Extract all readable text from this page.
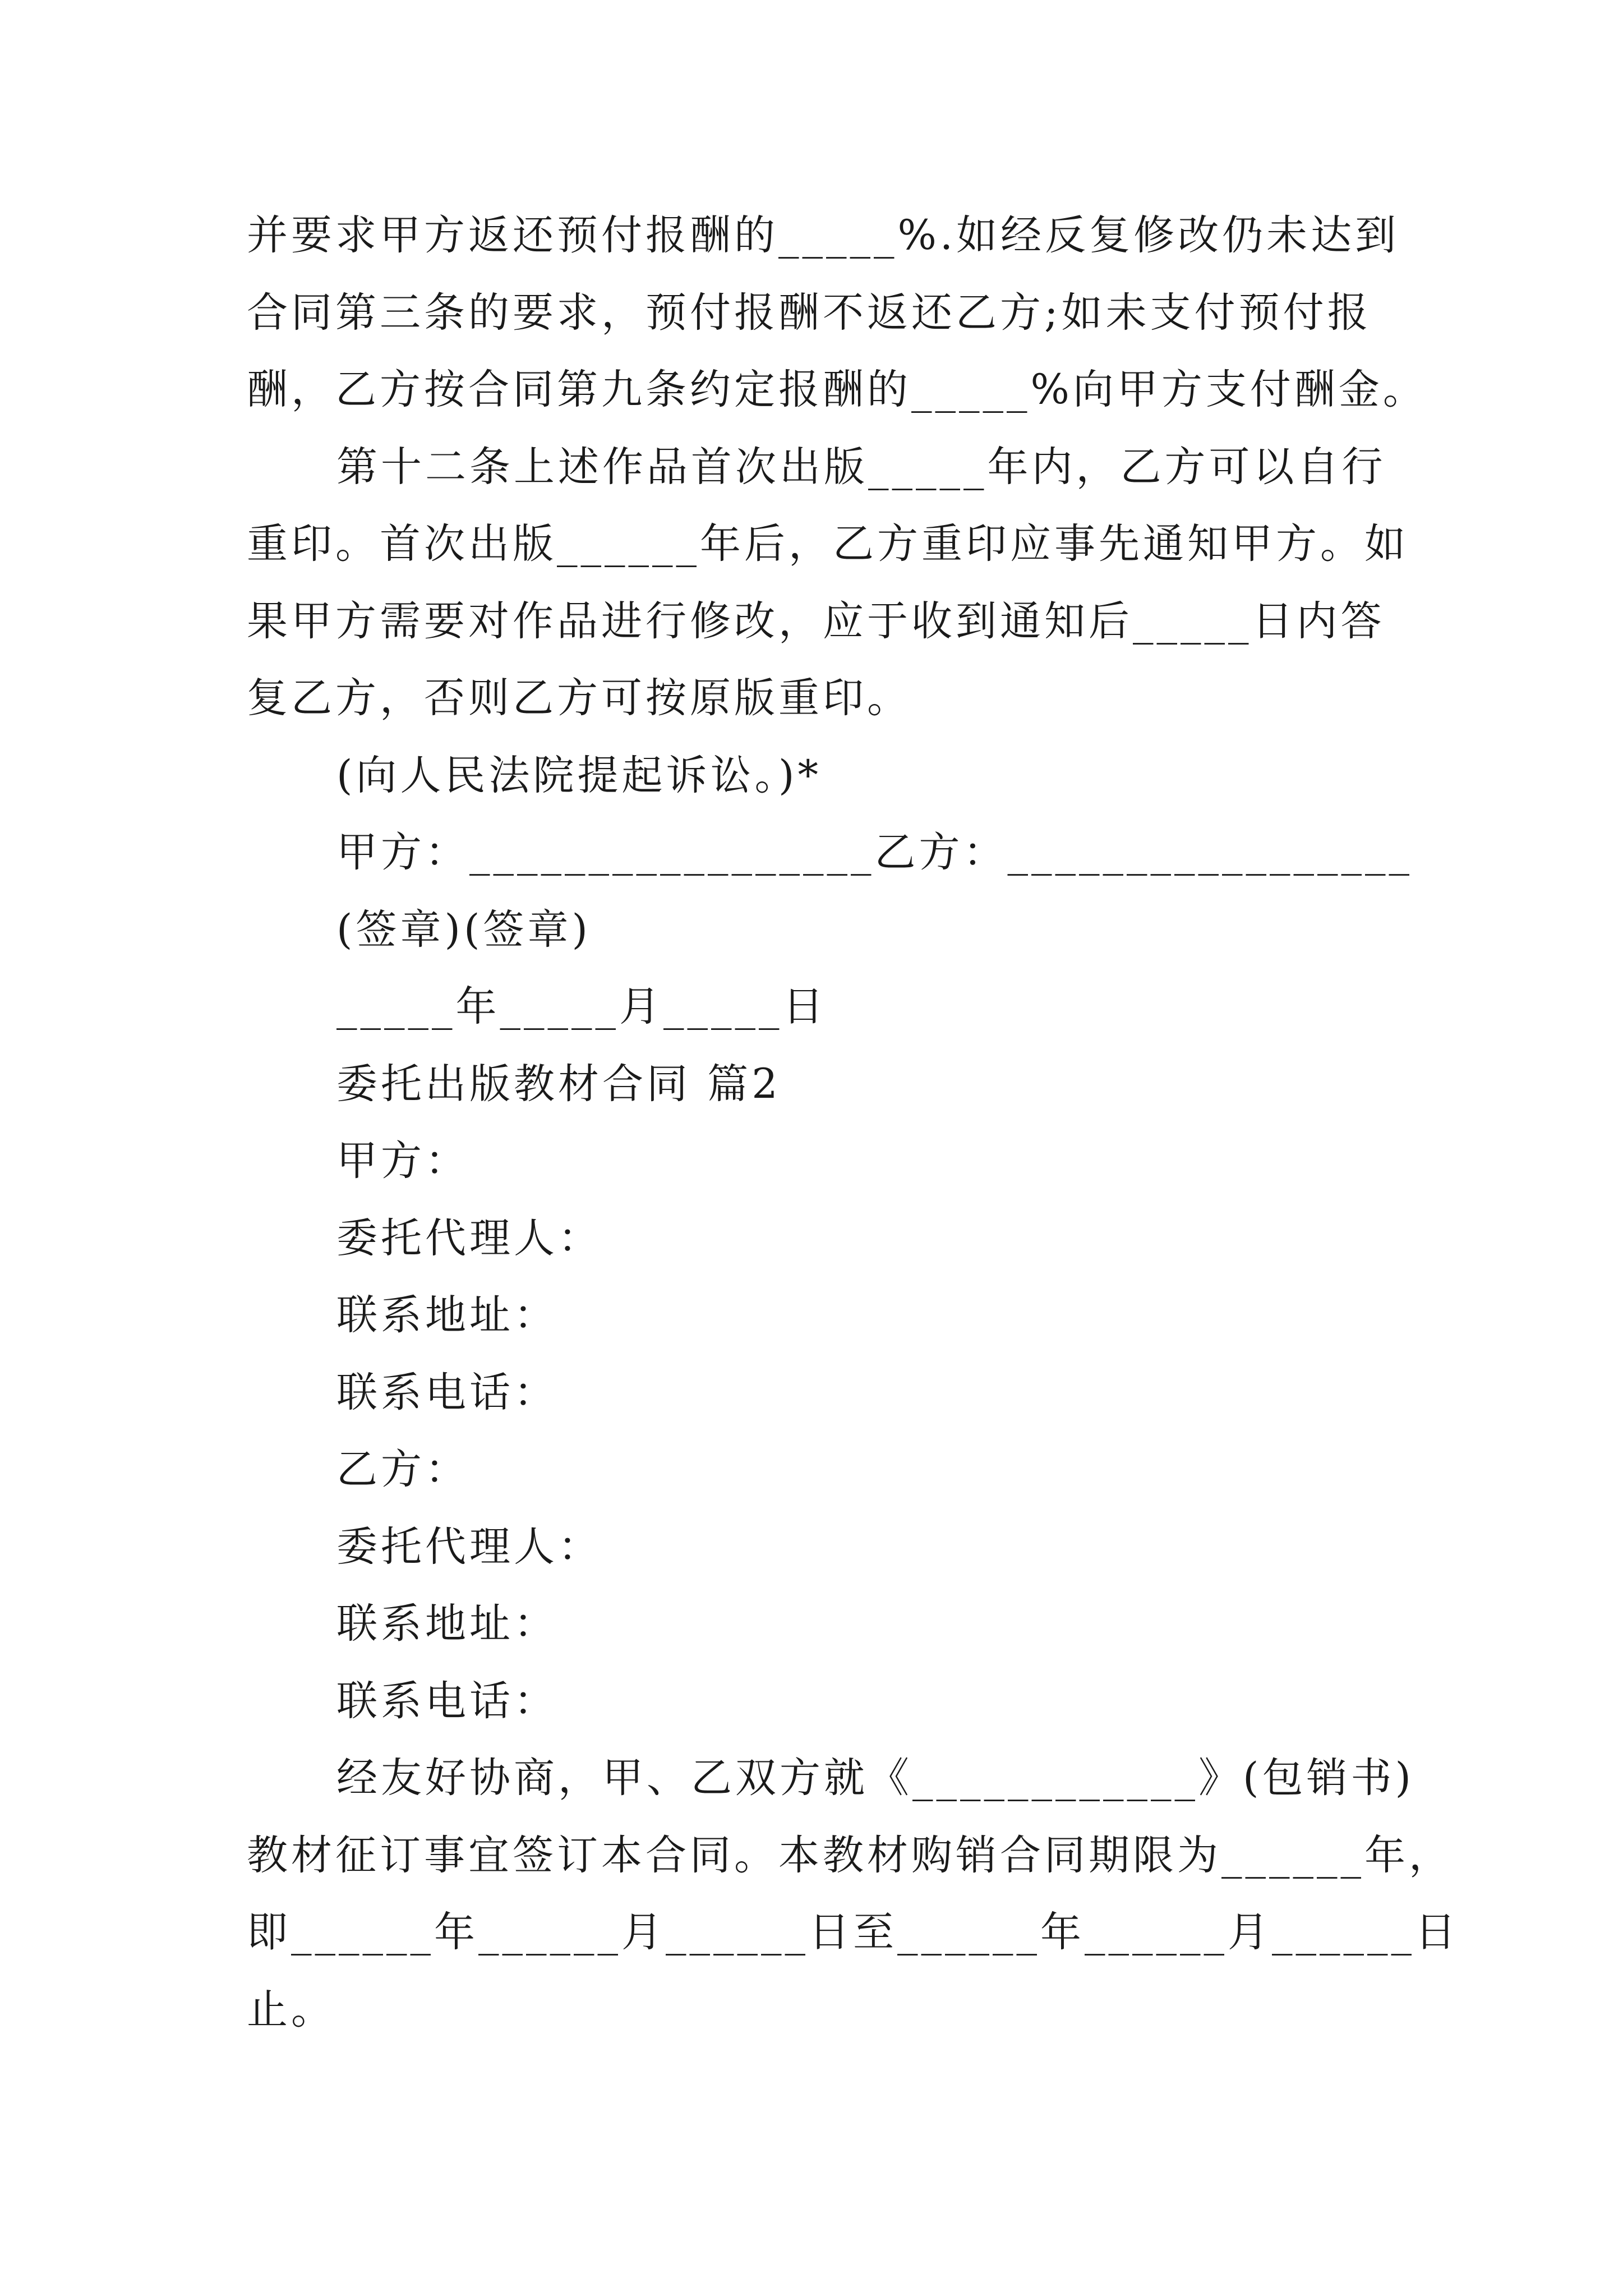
并要求甲方返还预付报酬的_____%.如经反复修改仍未达到
合同第三条的要求，预付报酬不返还乙方;如未支付预付报
酬，乙方按合同第九条约定报酬的_____%向甲方支付酬金。
第十二条上述作品首次出版_____年内，乙方可以自行
重印。首次出版______年后，乙方重印应事先通知甲方。如
果甲方需要对作品进行修改，应于收到通知后_____日内答
复乙方，否则乙方可按原版重印。
(向人民法院提起诉讼。)*
甲方：_________________乙方：_________________
(签章)(签章)
_____年_____月_____日
委托出版教材合同 篇2
甲方：
委托代理人：
联系地址：
联系电话：
乙方：
委托代理人：
联系地址：
联系电话：
经友好协商，甲、乙双方就《____________》(包销书)
教材征订事宜签订本合同。本教材购销合同期限为______年，
即______年______月______日至______年______月______日
止。
